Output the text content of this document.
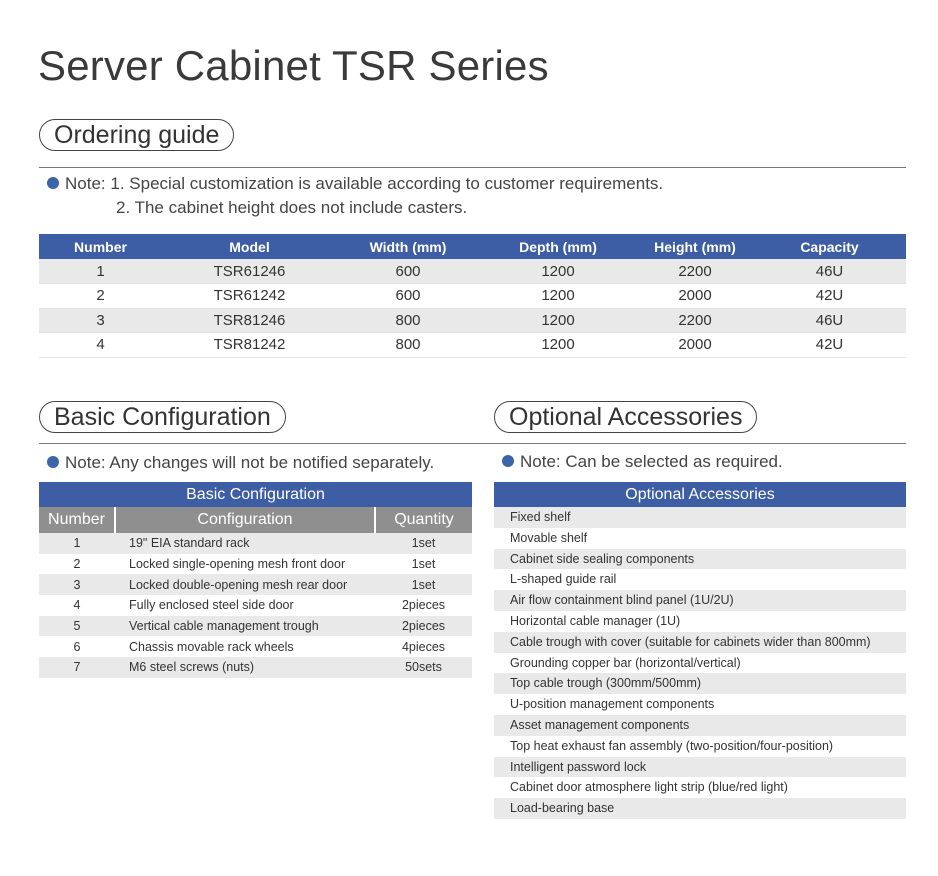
Server Cabinet TSR Series
Ordering guide
Note: 1. Special customization is available according to customer requirements.
2. The cabinet height does not include casters.
Number	Model	Width (mm)	Depth (mm)	Height (mm)	Capacity
1	TSR61246	600	1200	2200	46U
2	TSR61242	600	1200	2000	42U
3	TSR81246	800	1200	2200	46U
4	TSR81242	800	1200	2000	42U
Basic Configuration
Note: Any changes will not be notified separately.
Basic Configuration
Number	Configuration	Quantity
1	19" EIA standard rack	1set
2	Locked single-opening mesh front door	1set
3	Locked double-opening mesh rear door	1set
4	Fully enclosed steel side door	2pieces
5	Vertical cable management trough	2pieces
6	Chassis movable rack wheels	4pieces
7	M6 steel screws (nuts)	50sets
Optional Accessories
Note: Can be selected as required.
Optional Accessories
Fixed shelf
Movable shelf
Cabinet side sealing components
L-shaped guide rail
Air flow containment blind panel (1U/2U)
Horizontal cable manager (1U)
Cable trough with cover (suitable for cabinets wider than 800mm)
Grounding copper bar (horizontal/vertical)
Top cable trough (300mm/500mm)
U-position management components
Asset management components
Top heat exhaust fan assembly (two-position/four-position)
Intelligent password lock
Cabinet door atmosphere light strip (blue/red light)
Load-bearing base
